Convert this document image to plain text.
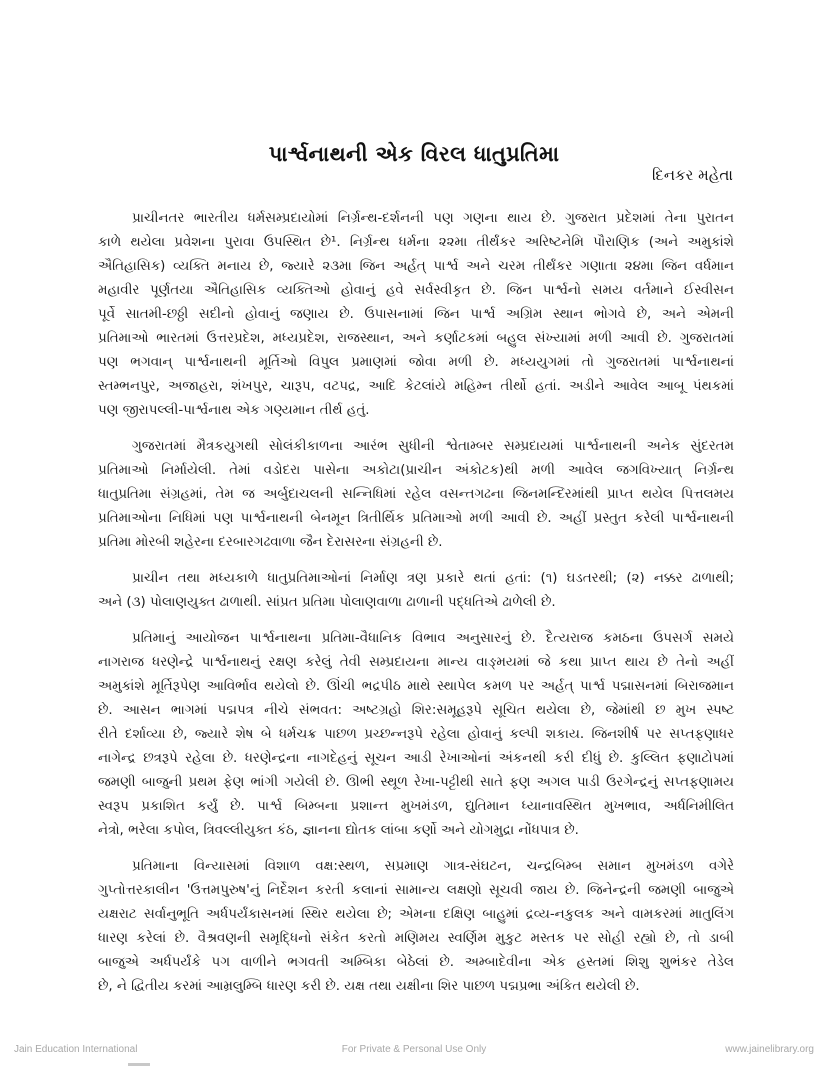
પાર્શ્વનાથની એક વિરલ ધાતુપ્રતિમા
દિનકર મહેતા

પ્રાચીનતર ભારતીય ધર્મસમ્પ્રદાયોમાં નિર્ગ્રન્થ-દર્શનની પણ ગણના થાય છે. ગુજરાત પ્રદેશમાં તેના પુરાતન
કાળે થયેલા પ્રવેશના પુરાવા ઉપસ્થિત છે¹. નિર્ગ્રન્થ ધર્મના ૨૨મા તીર્થંકર અરિષ્ટનેમિ પૌરાણિક (અને અમુકાંશે
ઐતિહાસિક) વ્યક્તિ મનાય છે, જ્યારે ૨૩મા જિન અર્હત્ પાર્શ્વ અને ચરમ તીર્થંકર ગણાતા ૨૪મા જિન વર્ધમાન
મહાવીર પૂર્ણતયા ઐતિહાસિક વ્યક્તિઓ હોવાનું હવે સર્વસ્વીકૃત છે. જિન પાર્શ્વનો સમય વર્તમાને ઈસ્વીસન
પૂર્વે સાતમી-છઠ્ઠી સદીનો હોવાનું જણાય છે. ઉપાસનામાં જિન પાર્શ્વ અગ્રિમ સ્થાન ભોગવે છે, અને એમની
પ્રતિમાઓ ભારતમાં ઉત્તરપ્રદેશ, મધ્યપ્રદેશ, રાજસ્થાન, અને કર્ણાટકમાં બહુલ સંખ્યામાં મળી આવી છે. ગુજરાતમાં
પણ ભગવાન્ પાર્શ્વનાથની મૂર્તિઓ વિપુલ પ્રમાણમાં જોવા મળી છે. મધ્યયુગમાં તો ગુજરાતમાં પાર્શ્વનાથનાં
સ્તમ્ભનપુર, અજાહરા, શંખપુર, ચારૂપ, વટપદ્ર, આદિ કેટલાંયે મહિમ્ન તીર્થો હતાં. અડીને આવેલ આબૂ પંથકમાં
પણ જીરાપલ્લી-પાર્શ્વનાથ એક ગણ્યમાન તીર્થ હતું.

ગુજરાતમાં મૈત્રકયુગથી સોલંકીકાળના આરંભ સુધીની શ્વેતામ્બર સમ્પ્રદાયમાં પાર્શ્વનાથની અનેક સુંદરતમ
પ્રતિમાઓ નિર્માયેલી. તેમાં વડોદરા પાસેના અકોટા(પ્રાચીન અંકોટક)થી મળી આવેલ જગવિખ્યાત્ નિર્ગ્રન્થ
ધાતુપ્રતિમા સંગ્રહમાં, તેમ જ અર્બુદાચલની સન્નિધિમાં રહેલ વસન્તગઢના જિનમન્દિરમાંથી પ્રાપ્ત થયેલ પિત્તલમય
પ્રતિમાઓના નિધિમાં પણ પાર્શ્વનાથની બેનમૂન ત્રિતીર્થિક પ્રતિમાઓ મળી આવી છે. અહીં પ્રસ્તુત કરેલી પાર્શ્વનાથની
પ્રતિમા મોરબી શહેરના દરબારગઢવાળા જૈન દેરાસરના સંગ્રહની છે.

પ્રાચીન તથા મધ્યકાળે ધાતુપ્રતિમાઓનાં નિર્માણ ત્રણ પ્રકારે થતાં હતાં: (૧) ઘડતરથી; (૨) નક્કર ઢાળાથી;
અને (૩) પોલાણયુક્ત ઢાળાથી. સાંપ્રત પ્રતિમા પોલાણવાળા ઢાળાની પદ્ધતિએ ઢાળેલી છે.

પ્રતિમાનું આયોજન પાર્શ્વનાથના પ્રતિમા-વૈધાનિક વિભાવ અનુસારનું છે. દૈત્યરાજ કમઠના ઉપસર્ગ સમયે
નાગરાજ ધરણેન્દ્રે પાર્શ્વનાથનું રક્ષણ કરેલું તેવી સમ્પ્રદાયના માન્ય વાઙ્મયમાં જે કથા પ્રાપ્ત થાય છે તેનો અહીં
અમુકાંશે મૂર્તિરૂપેણ આવિર્ભાવ થયેલો છે. ઊંચી ભદ્રપીઠ માથે સ્થાપેલ કમળ પર અર્હત્ પાર્શ્વ પદ્માસનમાં બિરાજમાન
છે. આસન ભાગમાં પદ્મપત્ર નીચે સંભવત: અષ્ટગ્રહો શિર:સમૂહરૂપે સૂચિત થયેલા છે, જેમાંથી છ મુખ સ્પષ્ટ
રીતે દર્શાવ્યા છે, જ્યારે શેષ બે ધર્મચક્ર પાછળ પ્રચ્છન્નરૂપે રહેલા હોવાનું કલ્પી શકાય. જિનશીર્ષ પર સપ્તફણાધર
નાગેન્દ્ર છત્રરૂપે રહેલા છે. ધરણેન્દ્રના નાગદેહનું સૂચન આડી રેખાઓનાં અંકનથી કરી દીધું છે. કુલ્લિત ફણાટોપમાં
જમણી બાજુની પ્રથમ ફેણ ભાંગી ગયેલી છે. ઊભી સ્થૂળ રેખા-પટ્ટીથી સાતે ફણ અગલ પાડી ઉરગેન્દ્રનું સપ્તફણામય
સ્વરૂપ પ્રકાશિત કર્યું છે. પાર્શ્વ બિમ્બના પ્રશાન્ત મુખમંડળ, દ્યુતિમાન ધ્યાનાવસ્થિત મુખભાવ, અર્ધનિમીલિત
નેત્રો, ભરેલા કપોલ, ત્રિવલ્લીયુક્ત કંઠ, જ્ઞાનના દ્યોતક લાંબા કર્ણો અને યોગમુદ્રા નોંધપાત્ર છે.

પ્રતિમાના વિન્યાસમાં વિશાળ વક્ષ:સ્થળ, સપ્રમાણ ગાત્ર-સંઘટન, ચન્દ્રબિમ્બ સમાન મુખમંડળ વગેરે
ગુપ્તોત્તરકાલીન 'ઉત્તમપુરુષ'નું નિર્દેશન કરતી કલાનાં સામાન્ય લક્ષણો સૂચવી જાય છે. જિનેન્દ્રની જમણી બાજુએ
યક્ષરાટ સર્વાનુભૂતિ અર્ધપર્યંકાસનમાં સ્થિર થયેલા છે; એમના દક્ષિણ બાહુમાં દ્રવ્ય-નકુલક અને વામકરમાં માતુલિંગ
ધારણ કરેલાં છે. વૈશ્રવણની સમૃદ્ધિનો સંકેત કરતો મણિમય સ્વર્ણિમ મુકુટ મસ્તક પર સોહી રહ્યો છે, તો ડાબી
બાજુએ અર્ધપર્યંકે પગ વાળીને ભગવતી અમ્બિકા બેઠેલાં છે. અમ્બાદેવીના એક હસ્તમાં શિશુ શુભંકર તેડેલ
છે, ને દ્વિતીય કરમાં આમ્રલુમ્બિ ધારણ કરી છે. યક્ષ તથા યક્ષીના શિર પાછળ પદ્મપ્રભા અંકિત થયેલી છે.

Jain Education International	For Private & Personal Use Only	www.jainelibrary.org
